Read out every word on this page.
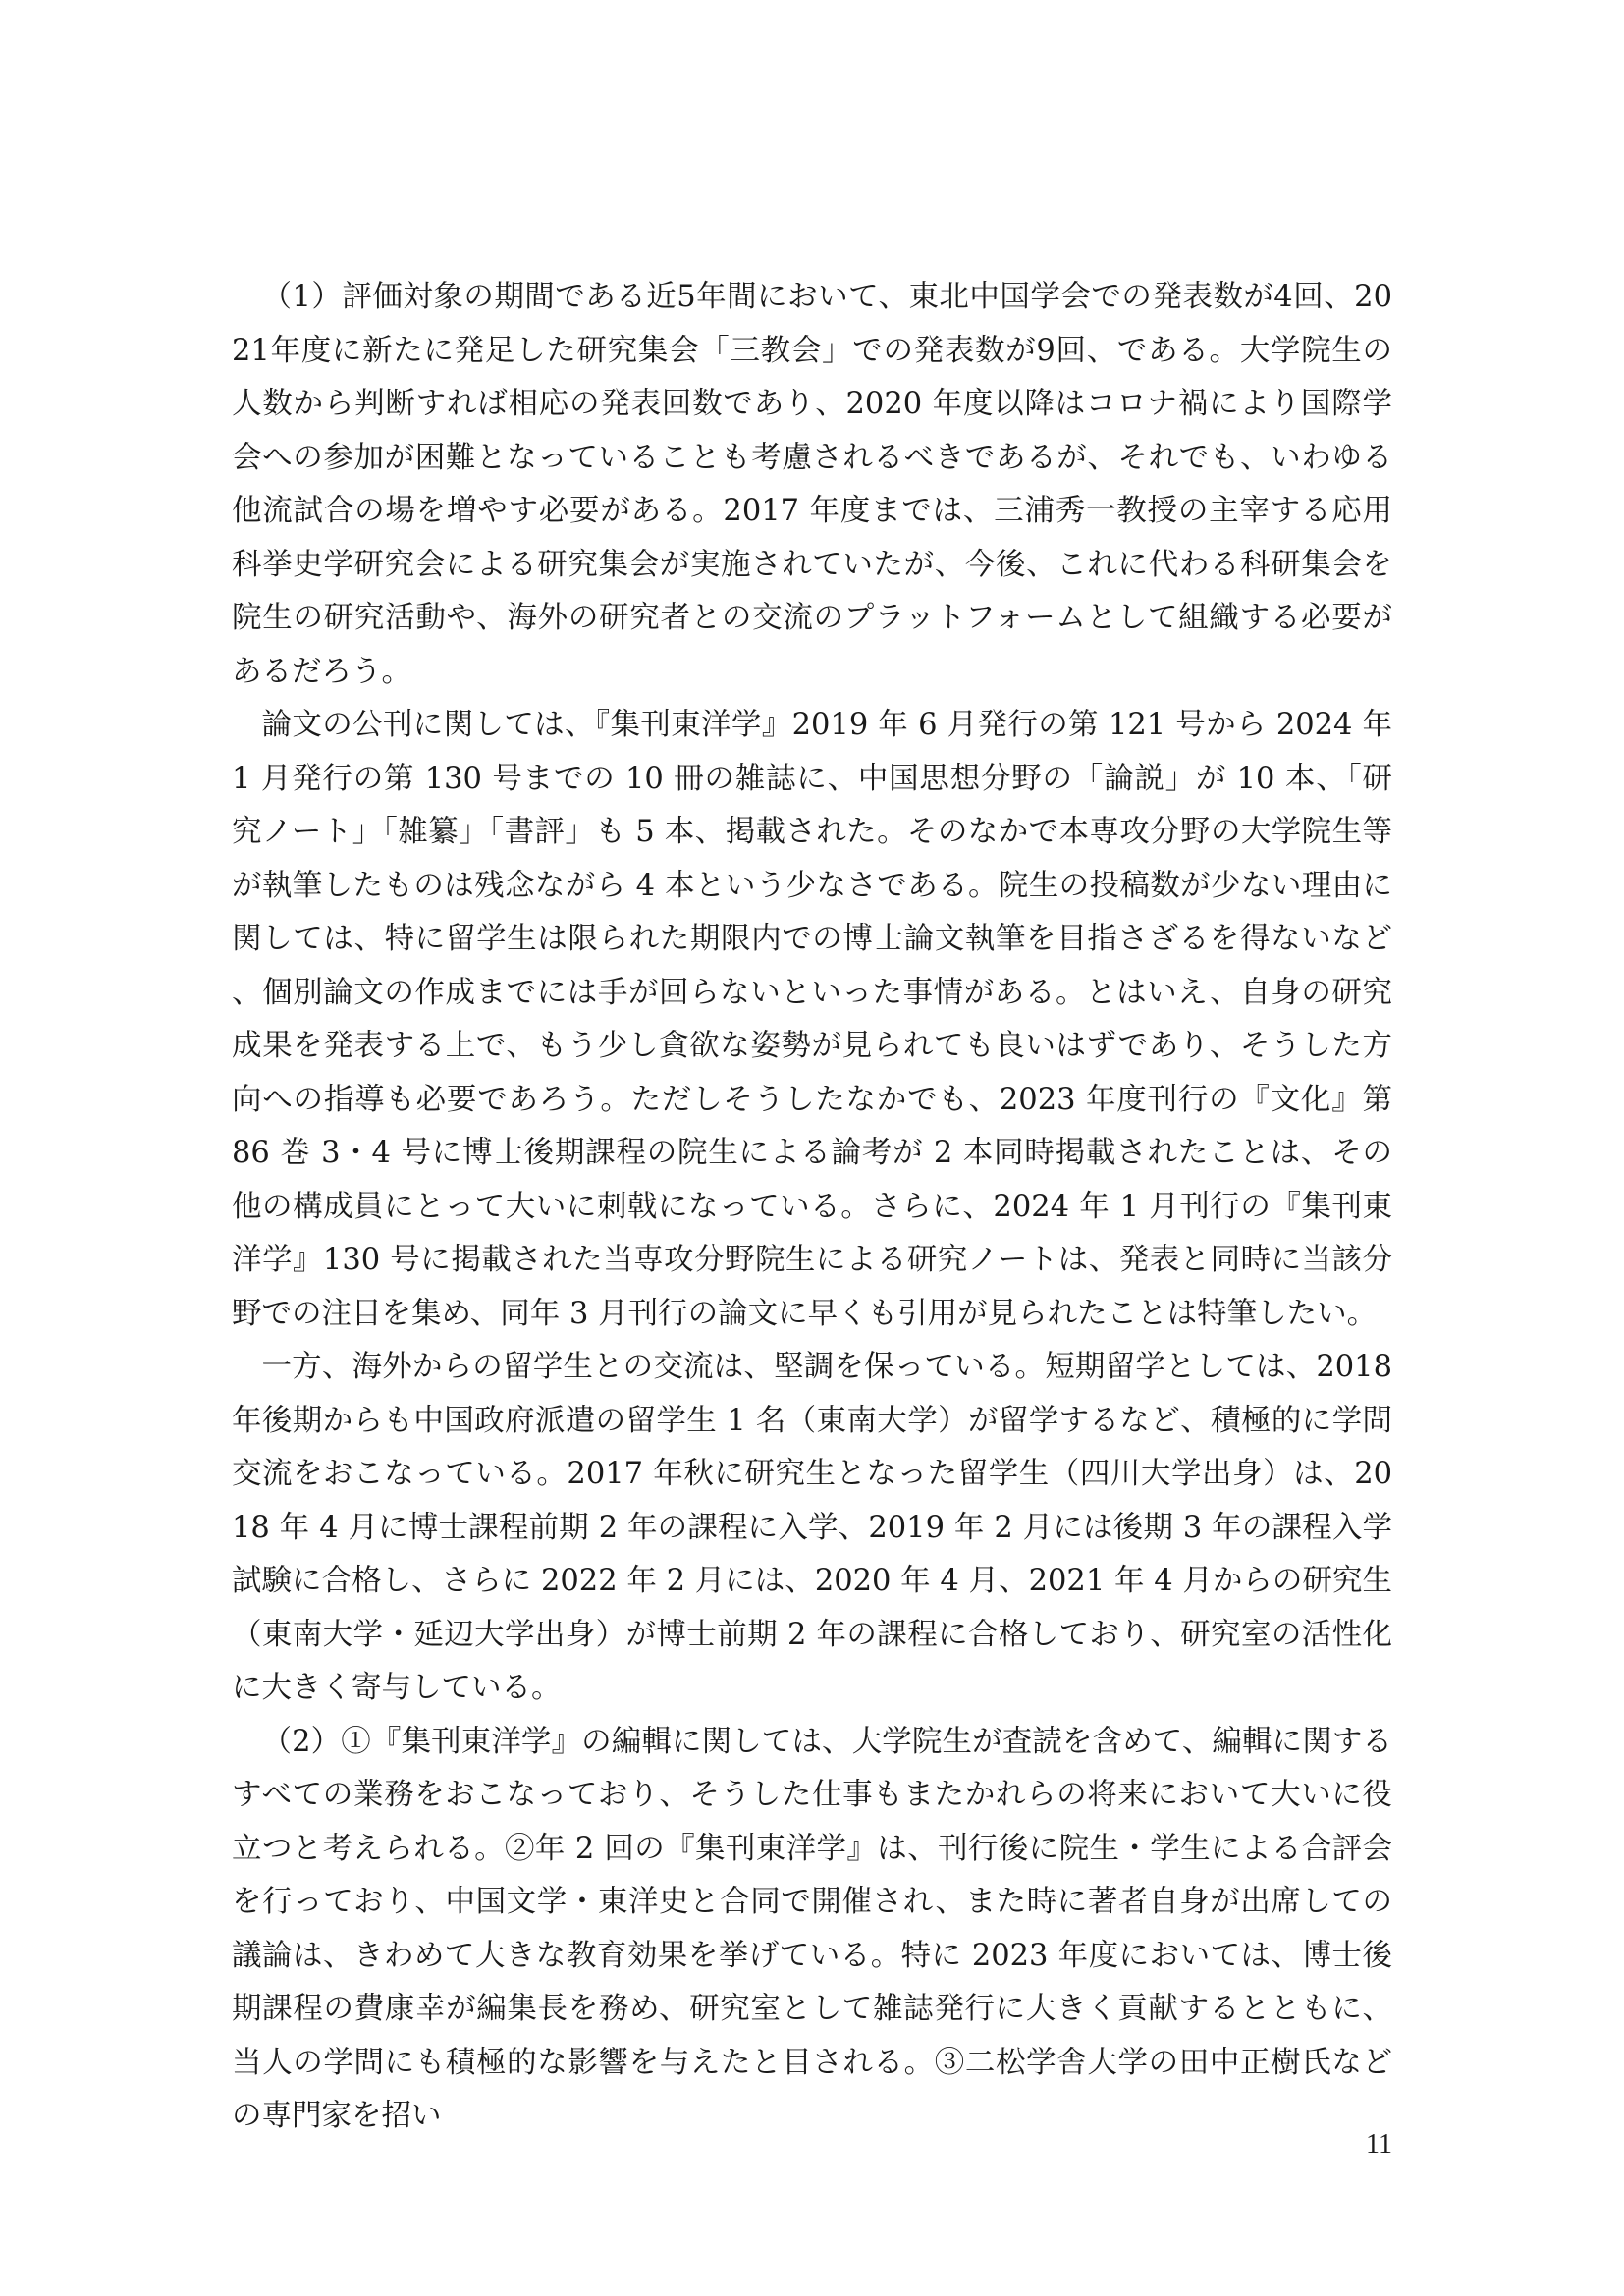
（1）評価対象の期間である近5年間において、東北中国学会での発表数が4回、2021年度に新たに発足した研究集会「三教会」での発表数が9回、である。大学院生の人数から判断すれば相応の発表回数であり、2020 年度以降はコロナ禍により国際学会への参加が困難となっていることも考慮されるべきであるが、それでも、いわゆる他流試合の場を増やす必要がある。2017 年度までは、三浦秀一教授の主宰する応用科挙史学研究会による研究集会が実施されていたが、今後、これに代わる科研集会を院生の研究活動や、海外の研究者との交流のプラットフォームとして組織する必要があるだろう。

論文の公刊に関しては、『集刊東洋学』2019 年 6 月発行の第 121 号から 2024 年 1 月発行の第 130 号までの 10 冊の雑誌に、中国思想分野の「論説」が 10 本、「研究ノート」「雑纂」「書評」も 5 本、掲載された。そのなかで本専攻分野の大学院生等が執筆したものは残念ながら 4 本という少なさである。院生の投稿数が少ない理由に関しては、特に留学生は限られた期限内での博士論文執筆を目指さざるを得ないなど、個別論文の作成までには手が回らないといった事情がある。とはいえ、自身の研究成果を発表する上で、もう少し貪欲な姿勢が見られても良いはずであり、そうした方向への指導も必要であろう。ただしそうしたなかでも、2023 年度刊行の『文化』第 86 巻 3・4 号に博士後期課程の院生による論考が 2 本同時掲載されたことは、その他の構成員にとって大いに刺戟になっている。さらに、2024 年 1 月刊行の『集刊東洋学』130 号に掲載された当専攻分野院生による研究ノートは、発表と同時に当該分野での注目を集め、同年 3 月刊行の論文に早くも引用が見られたことは特筆したい。

一方、海外からの留学生との交流は、堅調を保っている。短期留学としては、2018年後期からも中国政府派遣の留学生 1 名（東南大学）が留学するなど、積極的に学問交流をおこなっている。2017 年秋に研究生となった留学生（四川大学出身）は、2018 年 4 月に博士課程前期 2 年の課程に入学、2019 年 2 月には後期 3 年の課程入学試験に合格し、さらに 2022 年 2 月には、2020 年 4 月、2021 年 4 月からの研究生（東南大学・延辺大学出身）が博士前期 2 年の課程に合格しており、研究室の活性化に大きく寄与している。

（2）①『集刊東洋学』の編輯に関しては、大学院生が査読を含めて、編輯に関するすべての業務をおこなっており、そうした仕事もまたかれらの将来において大いに役立つと考えられる。②年 2 回の『集刊東洋学』は、刊行後に院生・学生による合評会を行っており、中国文学・東洋史と合同で開催され、また時に著者自身が出席しての議論は、きわめて大きな教育効果を挙げている。特に 2023 年度においては、博士後期課程の費康幸が編集長を務め、研究室として雑誌発行に大きく貢献するとともに、当人の学問にも積極的な影響を与えたと目される。③二松学舎大学の田中正樹氏などの専門家を招い

11
